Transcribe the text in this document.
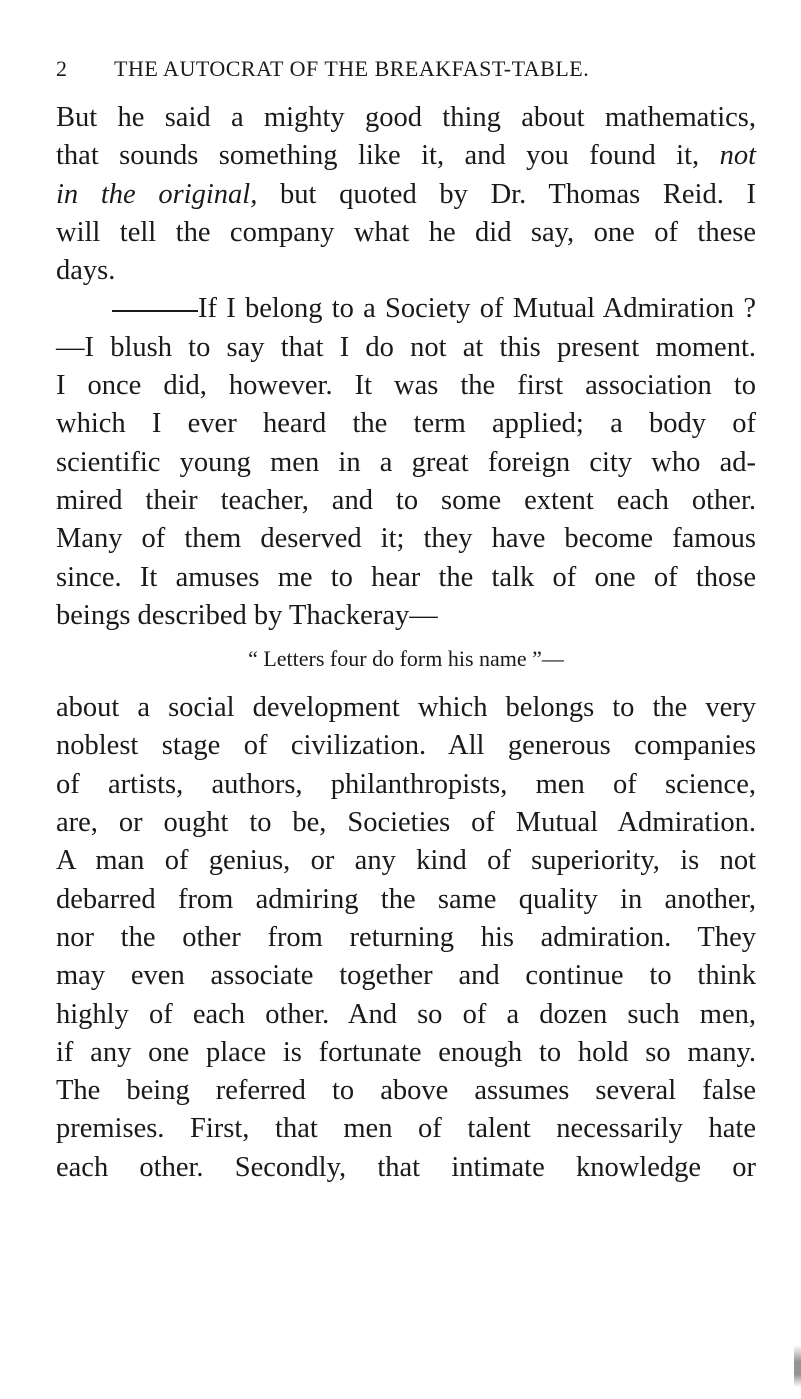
2 THE AUTOCRAT OF THE BREAKFAST-TABLE.
But he said a mighty good thing about mathematics,
that sounds something like it, and you found it, not
in the original, but quoted by Dr. Thomas Reid. I
will tell the company what he did say, one of these
days.
If I belong to a Society of Mutual Admiration ?
—I blush to say that I do not at this present moment.
I once did, however. It was the first association to
which I ever heard the term applied; a body of
scientific young men in a great foreign city who ad-
mired their teacher, and to some extent each other.
Many of them deserved it; they have become famous
since. It amuses me to hear the talk of one of those
beings described by Thackeray—
“ Letters four do form his name ”—
about a social development which belongs to the very
noblest stage of civilization. All generous companies
of artists, authors, philanthropists, men of science,
are, or ought to be, Societies of Mutual Admiration.
A man of genius, or any kind of superiority, is not
debarred from admiring the same quality in another,
nor the other from returning his admiration. They
may even associate together and continue to think
highly of each other. And so of a dozen such men,
if any one place is fortunate enough to hold so many.
The being referred to above assumes several false
premises. First, that men of talent necessarily hate
each other. Secondly, that intimate knowledge or
